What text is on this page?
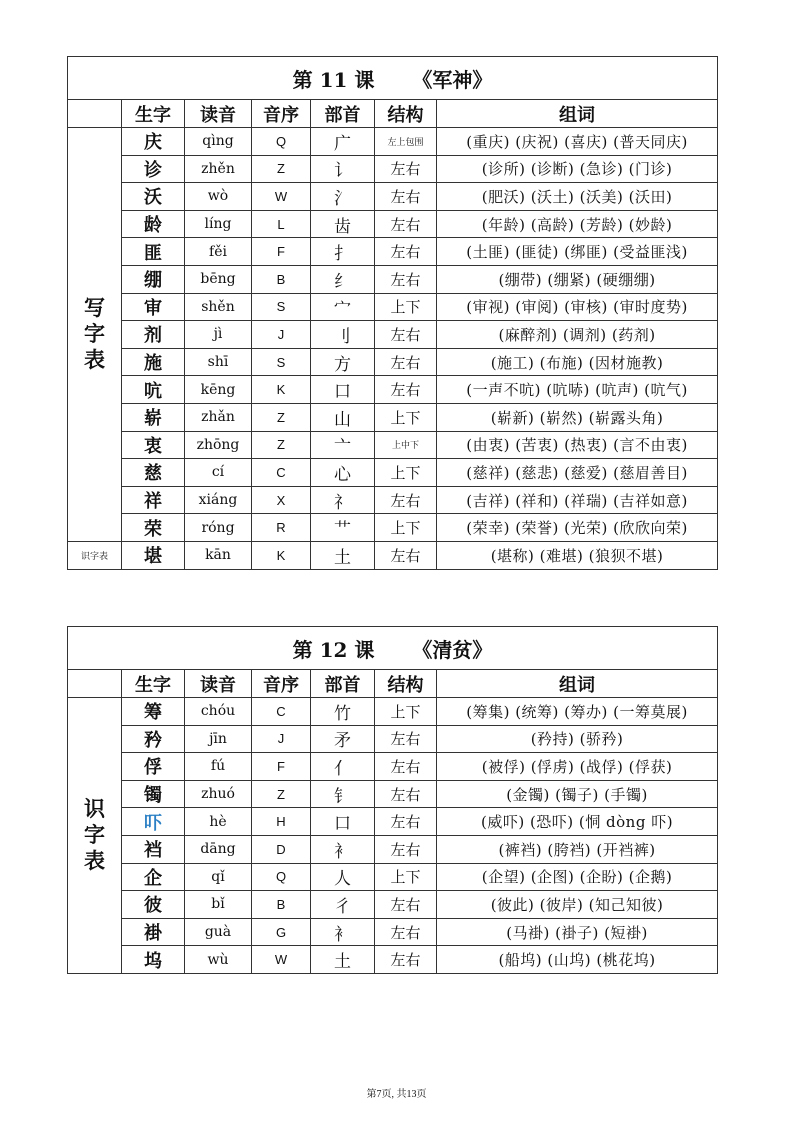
第 11 课 《军神》						
	生字	读音	音序	部首	结构	组词
写字表	庆	qìng	Q	广	左上包围	(重庆) (庆祝) (喜庆) (普天同庆)
	诊	zhěn	Z	讠	左右	(诊所) (诊断) (急诊) (门诊)
	沃	wò	W	氵	左右	(肥沃) (沃土) (沃美) (沃田)
	龄	líng	L	齿	左右	(年龄) (高龄) (芳龄) (妙龄)
	匪	fěi	F	扌	左右	(土匪) (匪徒) (绑匪) (受益匪浅)
	绷	bēng	B	纟	左右	(绷带) (绷紧) (硬绷绷)
	审	shěn	S	宀	上下	(审视) (审阅) (审核) (审时度势)
	剂	jì	J	刂	左右	(麻醉剂) (调剂) (药剂)
	施	shī	S	方	左右	(施工) (布施) (因材施教)
	吭	kēng	K	口	左右	(一声不吭) (吭哧) (吭声) (吭气)
	崭	zhǎn	Z	山	上下	(崭新) (崭然) (崭露头角)
	衷	zhōng	Z	亠	上中下	(由衷) (苦衷) (热衷) (言不由衷)
	慈	cí	C	心	上下	(慈祥) (慈悲) (慈爱) (慈眉善目)
	祥	xiáng	X	礻	左右	(吉祥) (祥和) (祥瑞) (吉祥如意)
	荣	róng	R	艹	上下	(荣幸) (荣誉) (光荣) (欣欣向荣)
识字表	堪	kān	K	土	左右	(堪称) (难堪) (狼狈不堪)
第 12 课 《清贫》						
	生字	读音	音序	部首	结构	组词
识字表	筹	chóu	C	竹	上下	(筹集) (统筹) (筹办) (一筹莫展)
	矜	jīn	J	矛	左右	(矜持) (骄矜)
	俘	fú	F	亻	左右	(被俘) (俘虏) (战俘) (俘获)
	镯	zhuó	Z	钅	左右	(金镯) (镯子) (手镯)
	吓	hè	H	口	左右	(威吓) (恐吓) (恫 dòng 吓)
	裆	dāng	D	衤	左右	(裤裆) (胯裆) (开裆裤)
	企	qǐ	Q	人	上下	(企望) (企图) (企盼) (企鹅)
	彼	bǐ	B	彳	左右	(彼此) (彼岸) (知己知彼)
	褂	guà	G	衤	左右	(马褂) (褂子) (短褂)
	坞	wù	W	土	左右	(船坞) (山坞) (桃花坞)
第7页, 共13页
